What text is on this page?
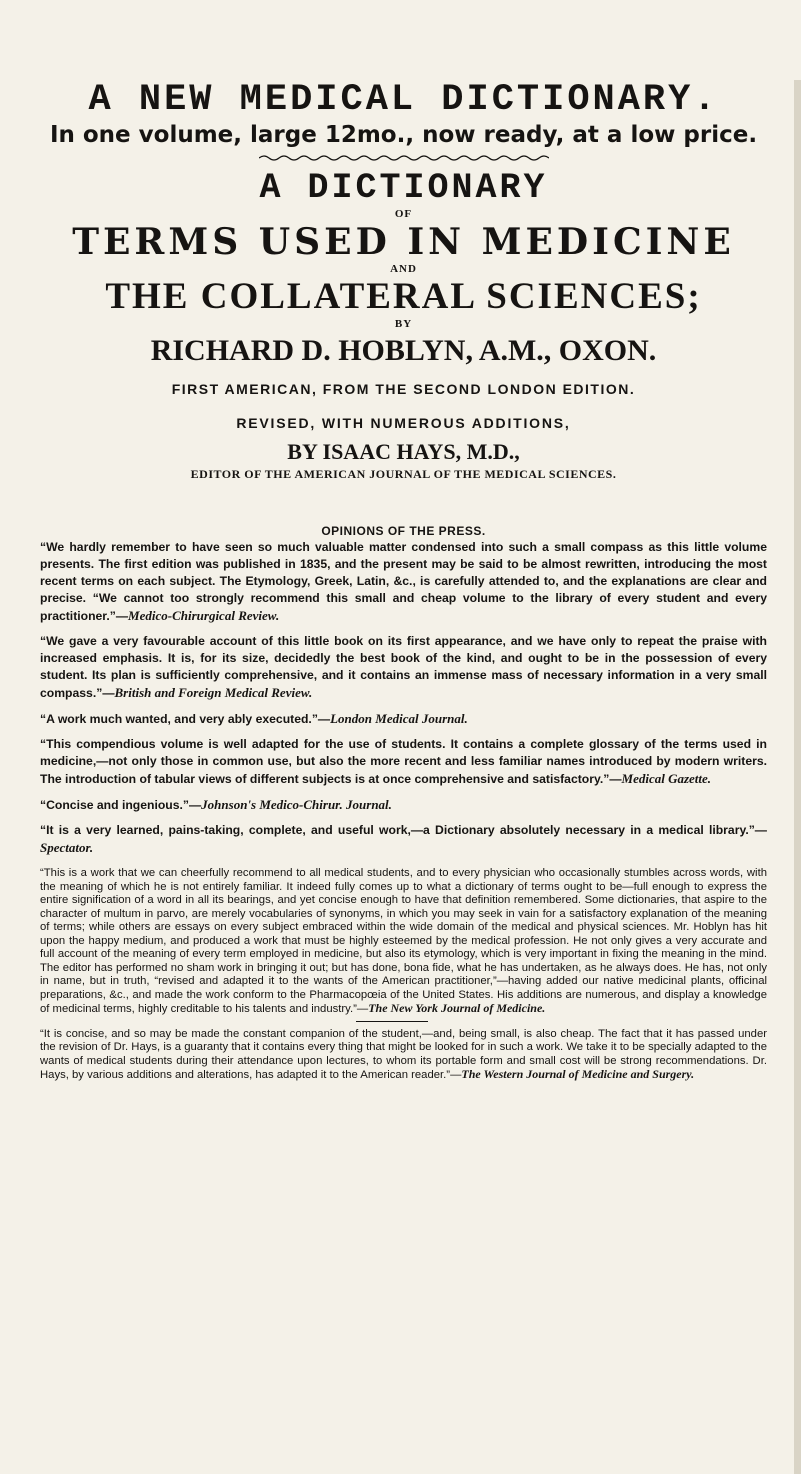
A NEW MEDICAL DICTIONARY.
In one volume, large 12mo., now ready, at a low price.
A DICTIONARY
OF
TERMS USED IN MEDICINE
AND
THE COLLATERAL SCIENCES;
BY
RICHARD D. HOBLYN, A.M., OXON.
FIRST AMERICAN, FROM THE SECOND LONDON EDITION.
REVISED, WITH NUMEROUS ADDITIONS,
BY ISAAC HAYS, M.D.,
EDITOR OF THE AMERICAN JOURNAL OF THE MEDICAL SCIENCES.
OPINIONS OF THE PRESS.

“We hardly remember to have seen so much valuable matter condensed into such a small compass as this little volume presents. The first edition was published in 1835, and the present may be said to be almost rewritten, introducing the most recent terms on each subject. The Etymology, Greek, Latin, &c., is carefully attended to, and the explanations are clear and precise. “We cannot too strongly recommend this small and cheap volume to the library of every student and every practitioner.”—Medico-Chirurgical Review.

“We gave a very favourable account of this little book on its first appearance, and we have only to repeat the praise with increased emphasis. It is, for its size, decidedly the best book of the kind, and ought to be in the possession of every student. Its plan is sufficiently comprehensive, and it contains an immense mass of necessary information in a very small compass.”—British and Foreign Medical Review.

“A work much wanted, and very ably executed.”—London Medical Journal.

“This compendious volume is well adapted for the use of students. It contains a complete glossary of the terms used in medicine,—not only those in common use, but also the more recent and less familiar names introduced by modern writers. The introduction of tabular views of different subjects is at once comprehensive and satisfactory.”—Medical Gazette.

“Concise and ingenious.”—Johnson's Medico-Chirur. Journal.

“It is a very learned, pains-taking, complete, and useful work,—a Dictionary absolutely necessary in a medical library.”—Spectator.

“This is a work that we can cheerfully recommend to all medical students, and to every physician who occasionally stumbles across words, with the meaning of which he is not entirely familiar. It indeed fully comes up to what a dictionary of terms ought to be—full enough to express the entire signification of a word in all its bearings, and yet concise enough to have that definition remembered. Some dictionaries, that aspire to the character of multum in parvo, are merely vocabularies of synonyms, in which you may seek in vain for a satisfactory explanation of the meaning of terms; while others are essays on every subject embraced within the wide domain of the medical and physical sciences. Mr. Hoblyn has hit upon the happy medium, and produced a work that must be highly esteemed by the medical profession. He not only gives a very accurate and full account of the meaning of every term employed in medicine, but also its etymology, which is very important in fixing the meaning in the mind. The editor has performed no sham work in bringing it out; but has done, bona fide, what he has undertaken, as he always does. He has, not only in name, but in truth, “revised and adapted it to the wants of the American practitioner,”—having added our native medicinal plants, officinal preparations, &c., and made the work conform to the Pharmacopœia of the United States. His additions are numerous, and display a knowledge of medicinal terms, highly creditable to his talents and industry.”—The New York Journal of Medicine.

“It is concise, and so may be made the constant companion of the student,—and, being small, is also cheap. The fact that it has passed under the revision of Dr. Hays, is a guaranty that it contains every thing that might be looked for in such a work. We take it to be specially adapted to the wants of medical students during their attendance upon lectures, to whom its portable form and small cost will be strong recommendations. Dr. Hays, by various additions and alterations, has adapted it to the American reader.”—The Western Journal of Medicine and Surgery.
